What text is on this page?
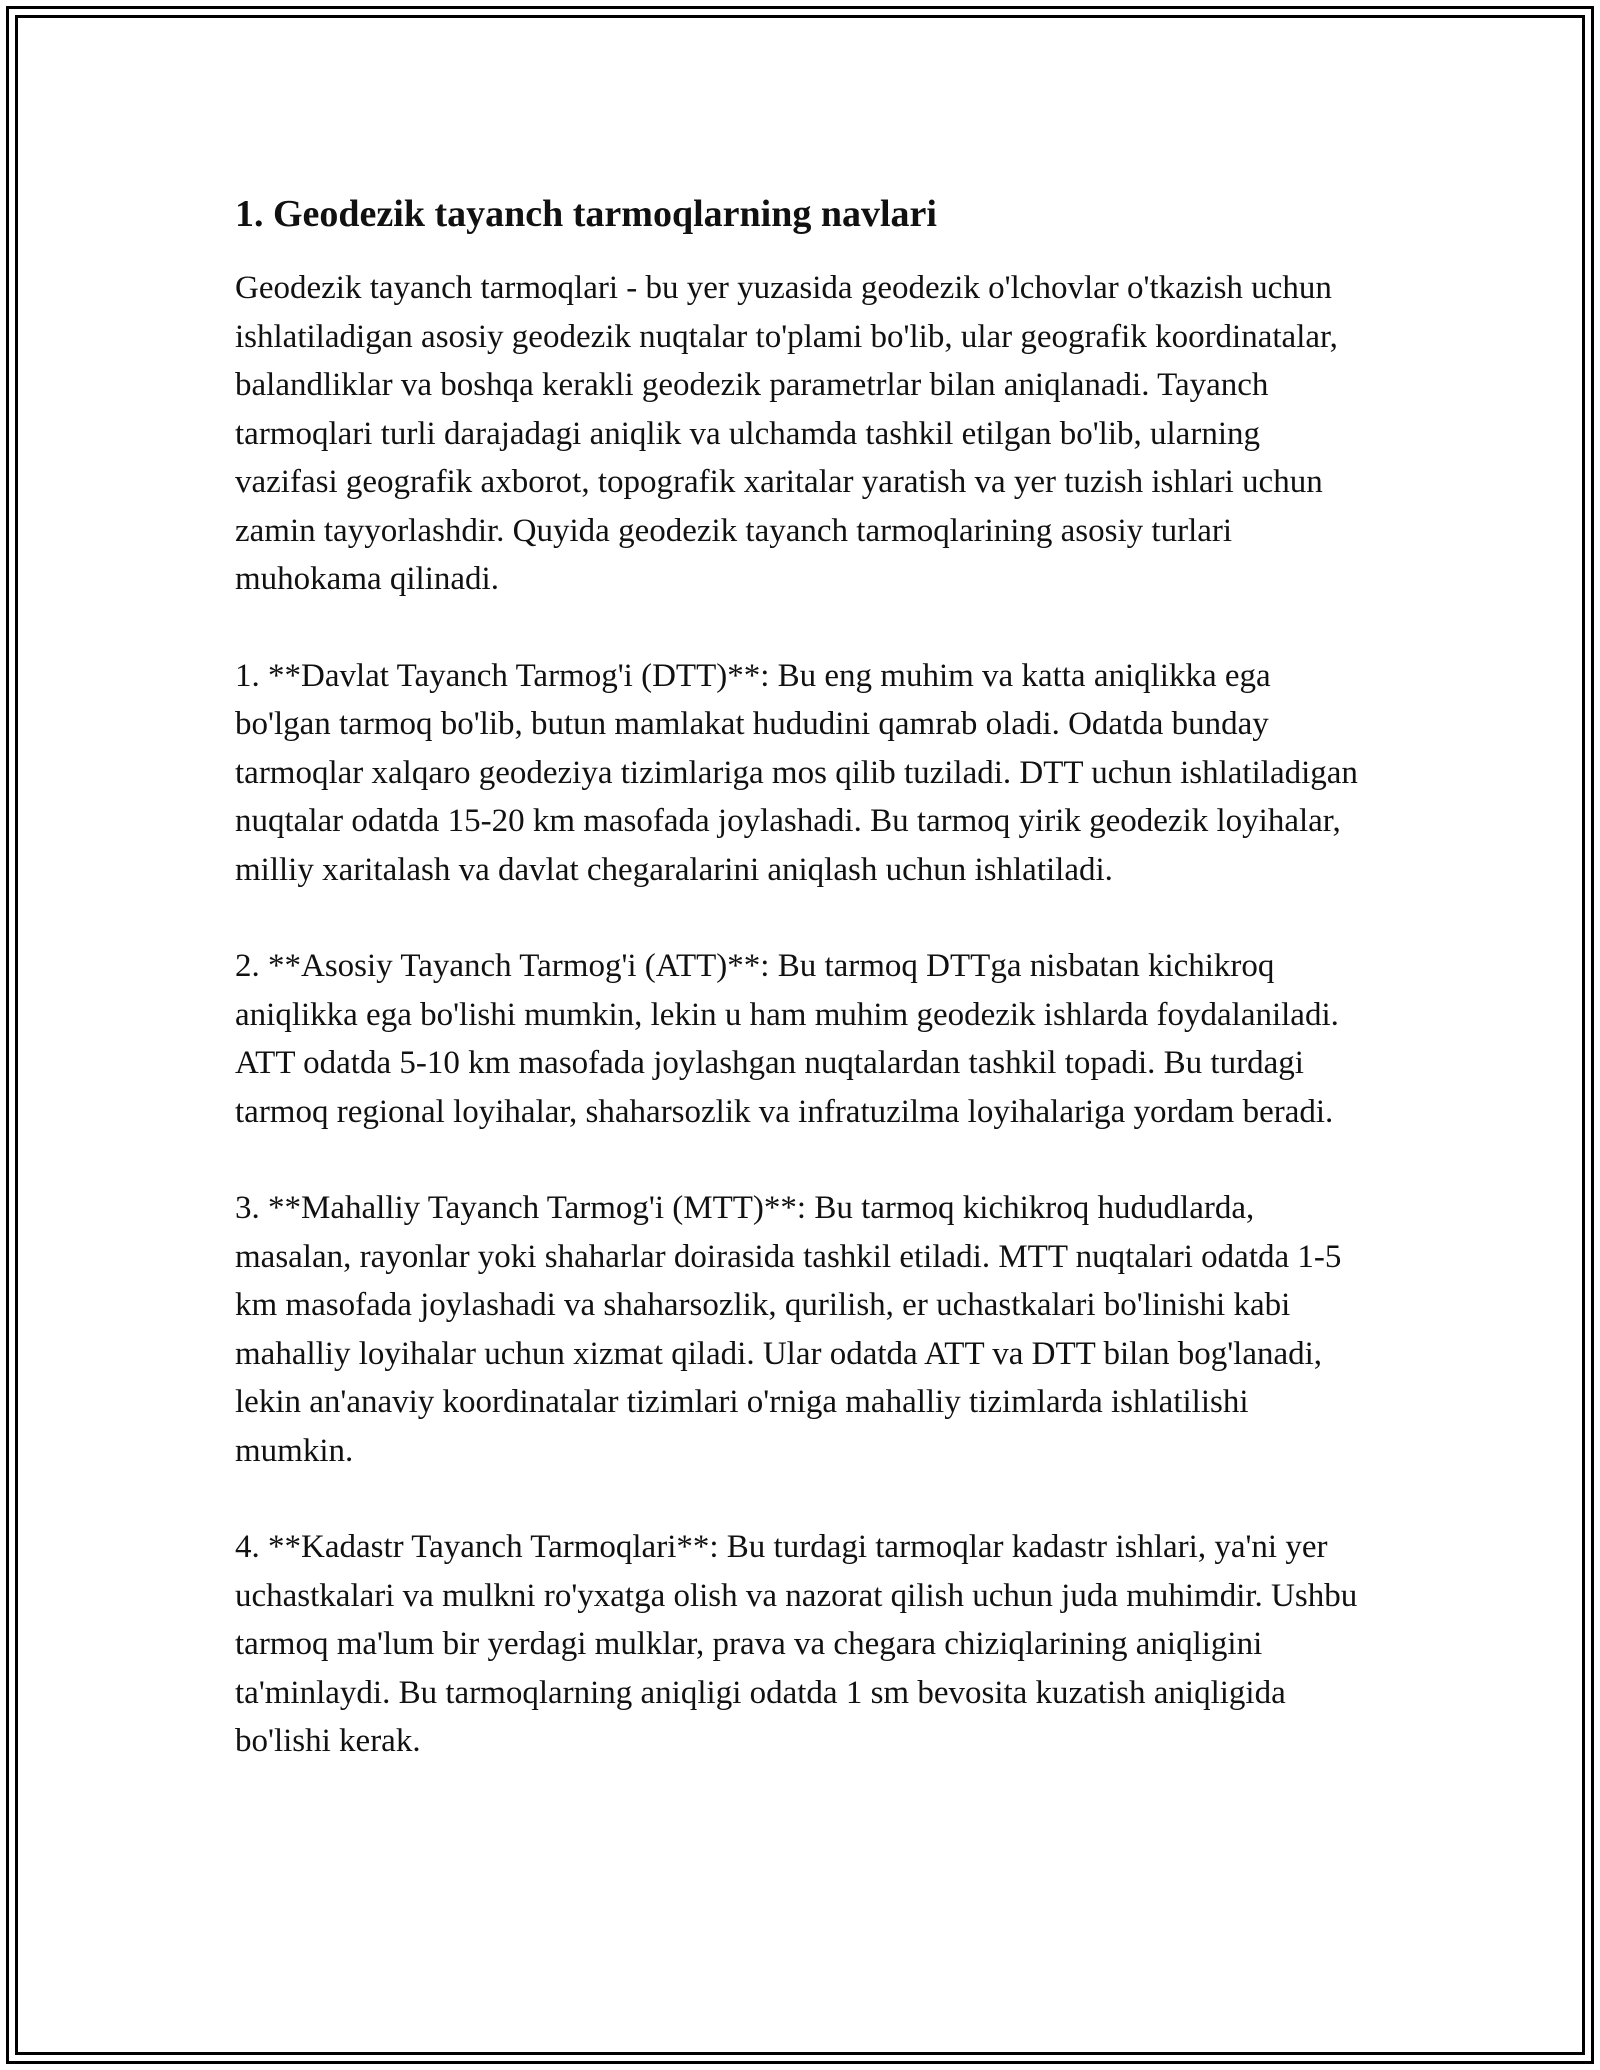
1. Geodezik tayanch tarmoqlarning navlari

Geodezik tayanch tarmoqlari - bu yer yuzasida geodezik o'lchovlar o'tkazish uchun ishlatiladigan asosiy geodezik nuqtalar to'plami bo'lib, ular geografik koordinatalar, balandliklar va boshqa kerakli geodezik parametrlar bilan aniqlanadi. Tayanch tarmoqlari turli darajadagi aniqlik va ulchamda tashkil etilgan bo'lib, ularning vazifasi geografik axborot, topografik xaritalar yaratish va yer tuzish ishlari uchun zamin tayyorlashdir. Quyida geodezik tayanch tarmoqlarining asosiy turlari muhokama qilinadi.

1. **Davlat Tayanch Tarmog'i (DTT)**: Bu eng muhim va katta aniqlikka ega bo'lgan tarmoq bo'lib, butun mamlakat hududini qamrab oladi. Odatda bunday tarmoqlar xalqaro geodeziya tizimlariga mos qilib tuziladi. DTT uchun ishlatiladigan nuqtalar odatda 15-20 km masofada joylashadi. Bu tarmoq yirik geodezik loyihalar, milliy xaritalash va davlat chegaralarini aniqlash uchun ishlatiladi.

2. **Asosiy Tayanch Tarmog'i (ATT)**: Bu tarmoq DTTga nisbatan kichikroq aniqlikka ega bo'lishi mumkin, lekin u ham muhim geodezik ishlarda foydalaniladi. ATT odatda 5-10 km masofada joylashgan nuqtalardan tashkil topadi. Bu turdagi tarmoq regional loyihalar, shaharsozlik va infratuzilma loyihalariga yordam beradi.

3. **Mahalliy Tayanch Tarmog'i (MTT)**: Bu tarmoq kichikroq hududlarda, masalan, rayonlar yoki shaharlar doirasida tashkil etiladi. MTT nuqtalari odatda 1-5 km masofada joylashadi va shaharsozlik, qurilish, er uchastkalari bo'linishi kabi mahalliy loyihalar uchun xizmat qiladi. Ular odatda ATT va DTT bilan bog'lanadi, lekin an'anaviy koordinatalar tizimlari o'rniga mahalliy tizimlarda ishlatilishi mumkin.

4. **Kadastr Tayanch Tarmoqlari**: Bu turdagi tarmoqlar kadastr ishlari, ya'ni yer uchastkalari va mulkni ro'yxatga olish va nazorat qilish uchun juda muhimdir. Ushbu tarmoq ma'lum bir yerdagi mulklar, prava va chegara chiziqlarining aniqligini ta'minlaydi. Bu tarmoqlarning aniqligi odatda 1 sm bevosita kuzatish aniqligida bo'lishi kerak.
